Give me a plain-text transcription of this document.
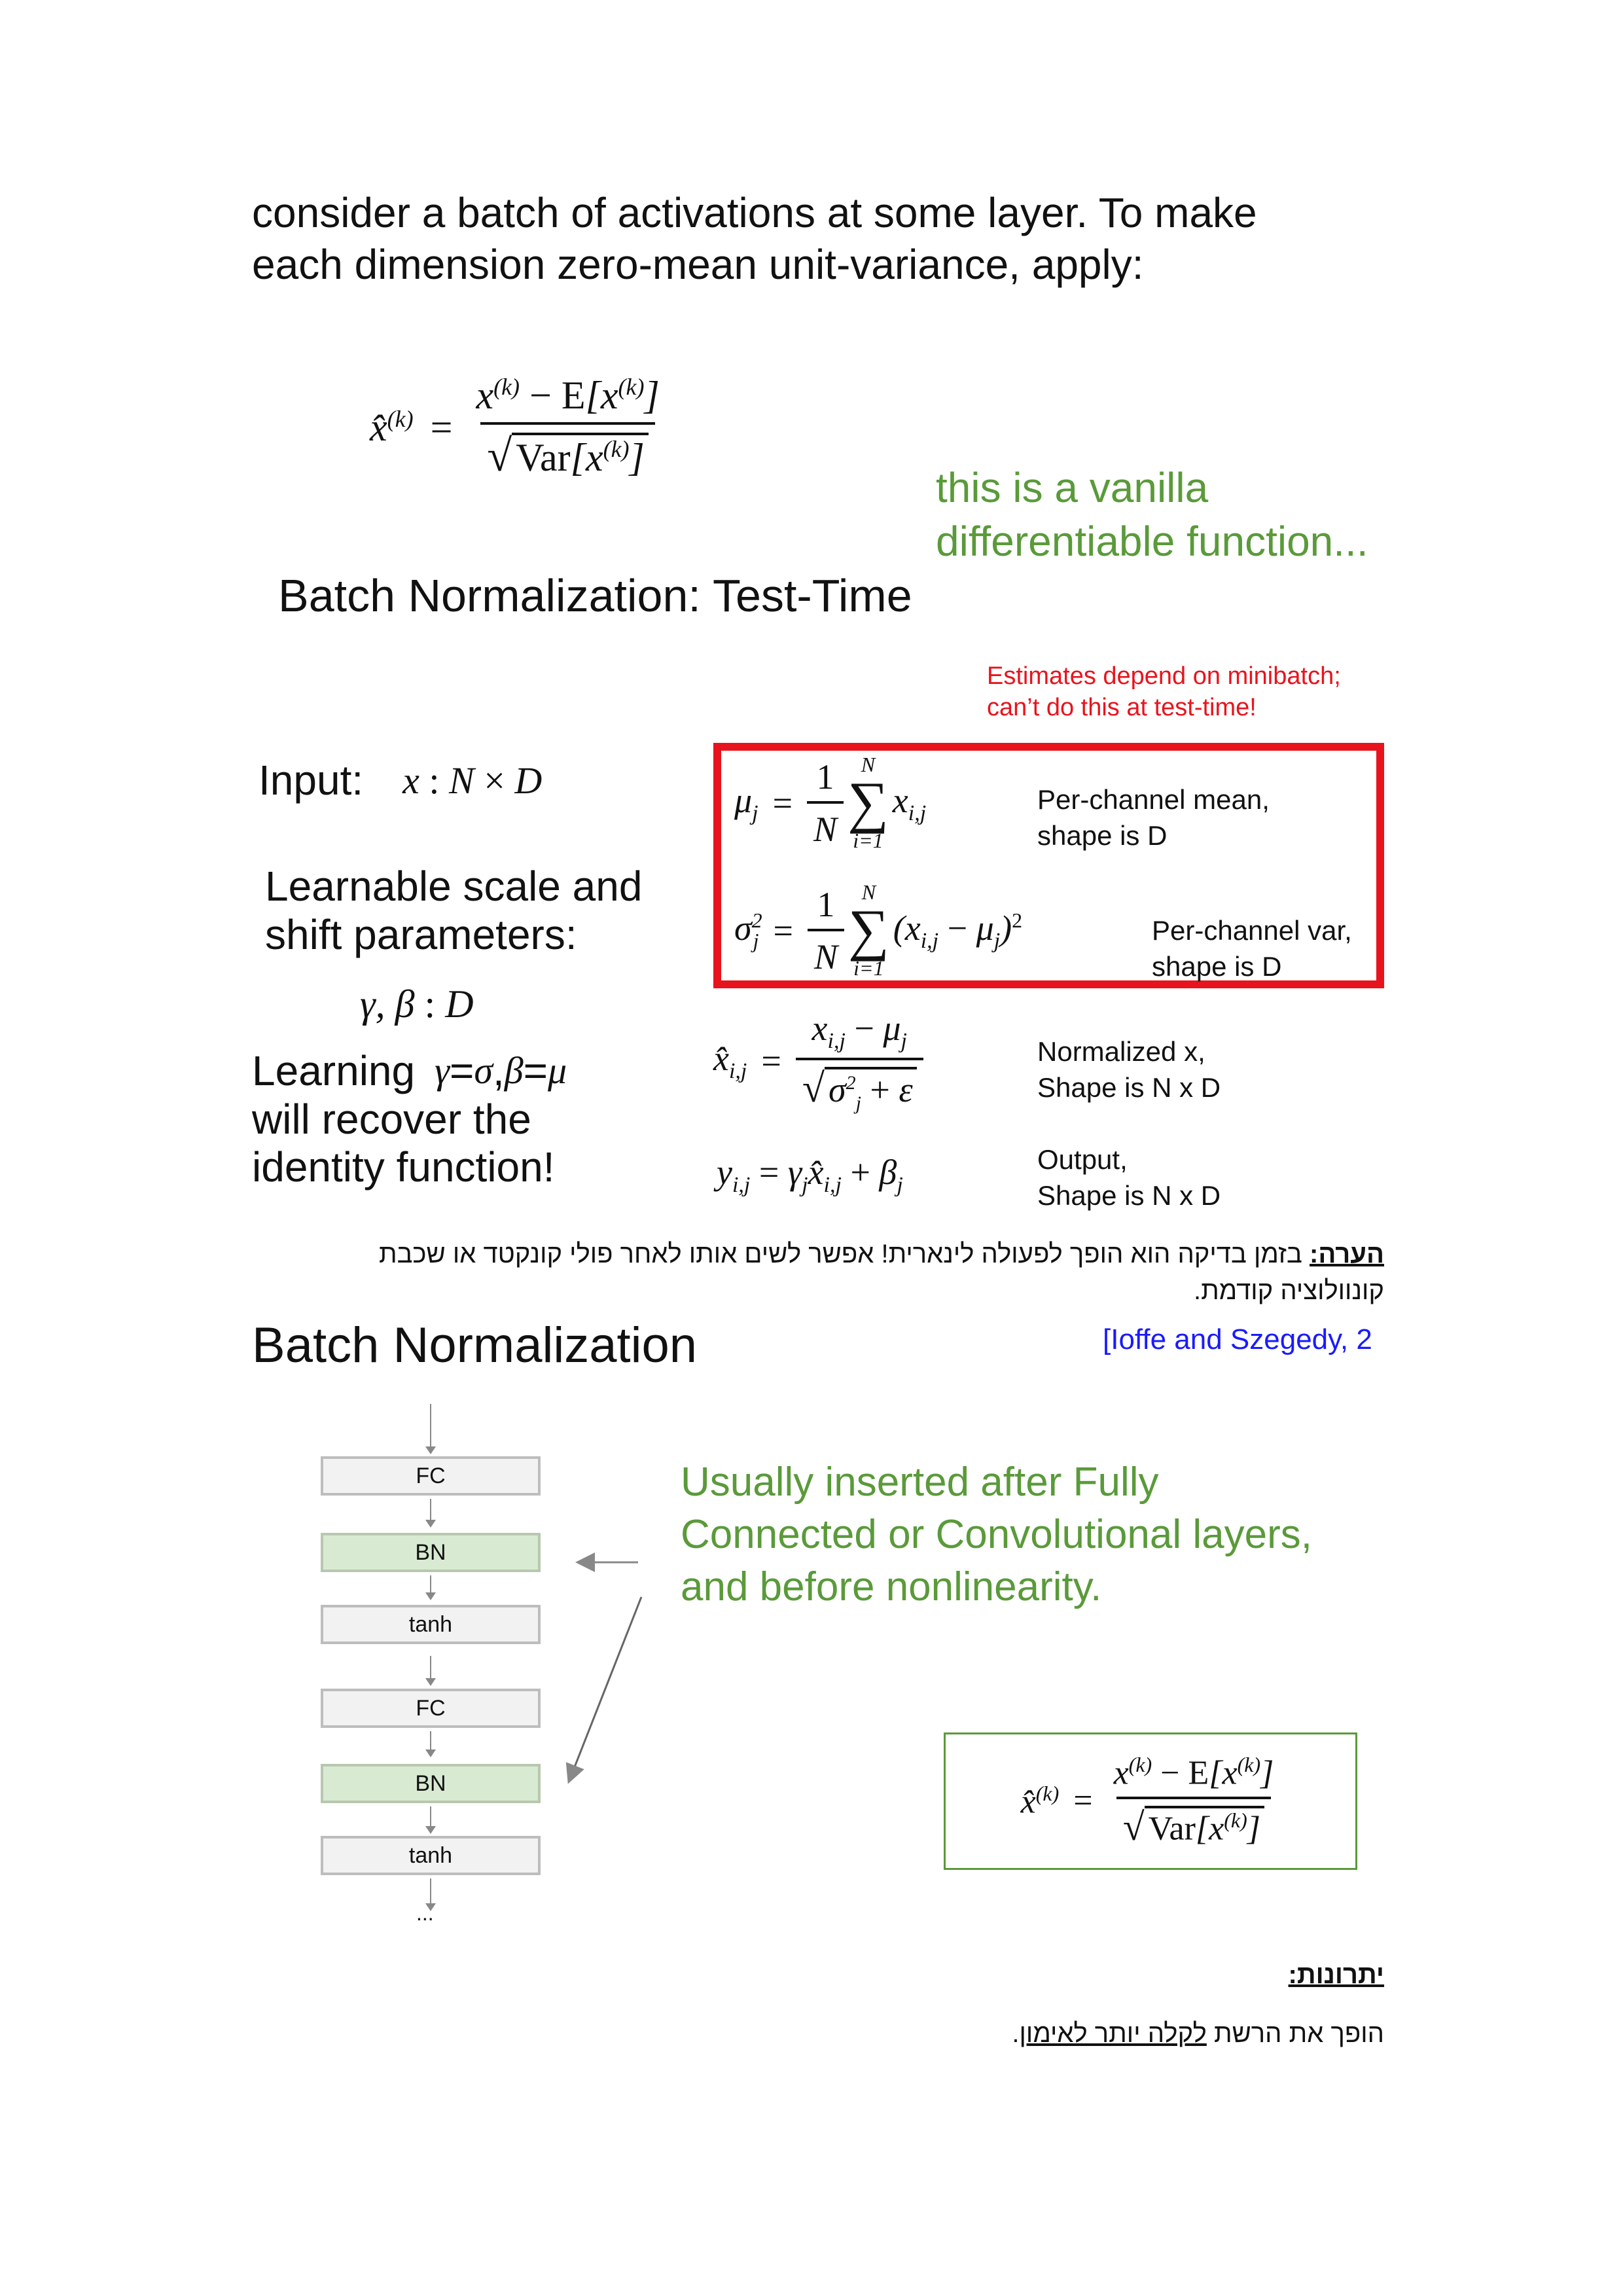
consider a batch of activations at some layer. To make
each dimension zero-mean unit-variance, apply:
x̂$^{(k)}$ = $\frac{x^{(k)} - E[x^{(k)}]}{√ Var[x^{(k)}]}$
this is a vanilla
differentiable function...
Batch Normalization: Test-Time
Estimates depend on minibatch;
can’t do this at test-time!
$\mu_j = \frac{1}{N}$ N
∑
i=1
$x_{i,j}$	Per-channel mean,
shape is D
$\sigma^2_j = \frac{1}{N}$ N
∑
i=1
$(x_{i,j} - \mu_j)^2$	Per-channel var,
shape is D
$x̂_{i,j} = \frac{x_{i,j} - \mu_j}{√ \sigma^2_j + \varepsilon}$	Normalized x,
Shape is N x D
$y_{i,j}$ = $\gamma_jx̂_{i,j} + \beta_j$
Output,
Shape is N x D
Input: x : N × D
Learnable scale and
shift parameters:
γ, β : D
Learning γ = σ , β = μ
will recover the
identity function!
הערה: בזמן בדיקה הוא הופך לפעולה לינארית! אפשר לשים אותו לאחר פולי קונקטד או שכבת
קונוולוציה קודמת.
Batch Normalization	[Ioffe and Szegedy, 2
FC
BN
tanh
FC
BN
tanh
...
Usually inserted after Fully
Connected or Convolutional layers,
and before nonlinearity.
x̂$^{(k)}$ = $\frac{x^{(k)} - E[x^{(k)}]}{√ Var[x^{(k)}]}$
יתרונות:
הופך את הרשת לקלה יותר לאימון.
